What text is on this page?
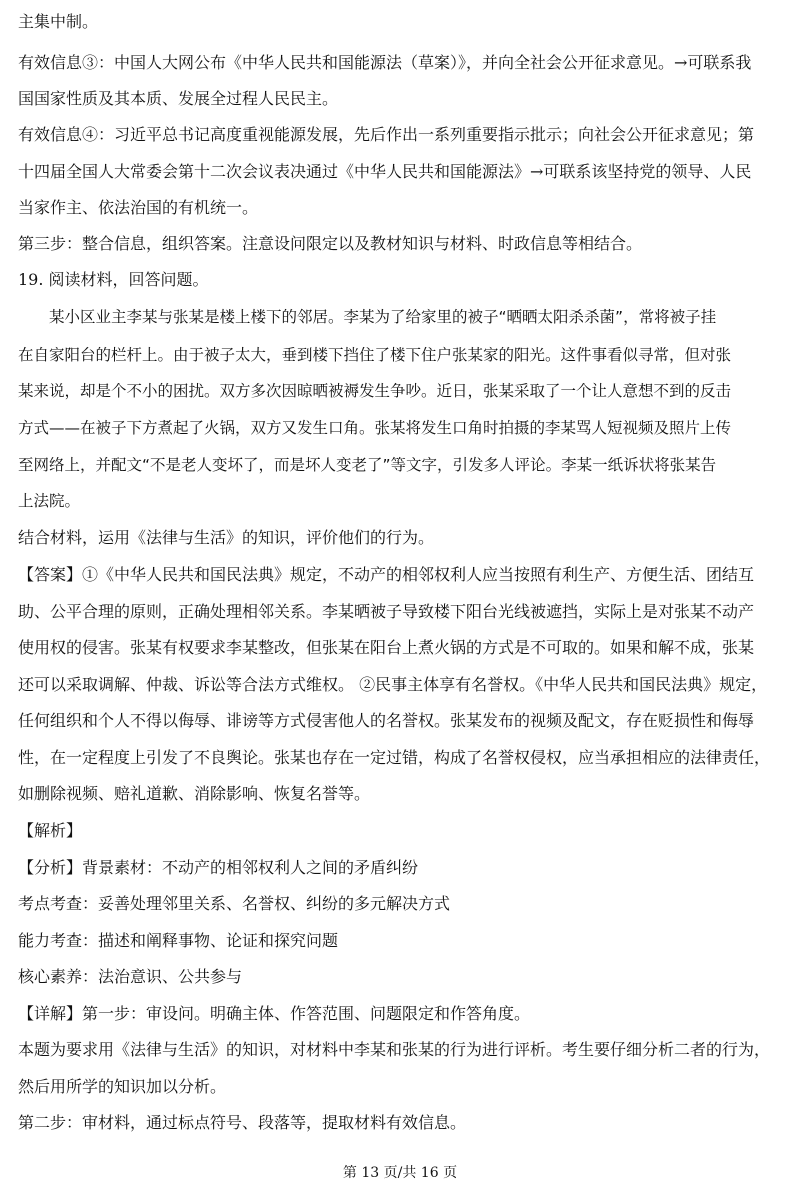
主集中制。
有效信息③：中国人大网公布《中华人民共和国能源法（草案）》，并向全社会公开征求意见。→可联系我
国国家性质及其本质、发展全过程人民民主。
有效信息④：习近平总书记高度重视能源发展，先后作出一系列重要指示批示；向社会公开征求意见；第
十四届全国人大常委会第十二次会议表决通过《中华人民共和国能源法》→可联系该坚持党的领导、人民
当家作主、依法治国的有机统一。
第三步：整合信息，组织答案。注意设问限定以及教材知识与材料、时政信息等相结合。
19. 阅读材料，回答问题。
　　某小区业主李某与张某是楼上楼下的邻居。李某为了给家里的被子“晒晒太阳杀杀菌”，常将被子挂
在自家阳台的栏杆上。由于被子太大，垂到楼下挡住了楼下住户张某家的阳光。这件事看似寻常，但对张
某来说，却是个不小的困扰。双方多次因晾晒被褥发生争吵。近日，张某采取了一个让人意想不到的反击
方式——在被子下方煮起了火锅，双方又发生口角。张某将发生口角时拍摄的李某骂人短视频及照片上传
至网络上，并配文“不是老人变坏了，而是坏人变老了”等文字，引发多人评论。李某一纸诉状将张某告
上法院。
结合材料，运用《法律与生活》的知识，评价他们的行为。
【答案】①《中华人民共和国民法典》规定，不动产的相邻权利人应当按照有利生产、方便生活、团结互
助、公平合理的原则，正确处理相邻关系。李某晒被子导致楼下阳台光线被遮挡，实际上是对张某不动产
使用权的侵害。张某有权要求李某整改，但张某在阳台上煮火锅的方式是不可取的。如果和解不成，张某
还可以采取调解、仲裁、诉讼等合法方式维权。 ②民事主体享有名誉权。《中华人民共和国民法典》规定，
任何组织和个人不得以侮辱、诽谤等方式侵害他人的名誉权。张某发布的视频及配文，存在贬损性和侮辱
性，在一定程度上引发了不良舆论。张某也存在一定过错，构成了名誉权侵权，应当承担相应的法律责任，
如删除视频、赔礼道歉、消除影响、恢复名誉等。
【解析】
【分析】背景素材：不动产的相邻权利人之间的矛盾纠纷
考点考查：妥善处理邻里关系、名誉权、纠纷的多元解决方式
能力考查：描述和阐释事物、论证和探究问题
核心素养：法治意识、公共参与
【详解】第一步：审设问。明确主体、作答范围、问题限定和作答角度。
本题为要求用《法律与生活》的知识，对材料中李某和张某的行为进行评析。考生要仔细分析二者的行为，
然后用所学的知识加以分析。
第二步：审材料，通过标点符号、段落等，提取材料有效信息。
第 13 页/共 16 页
